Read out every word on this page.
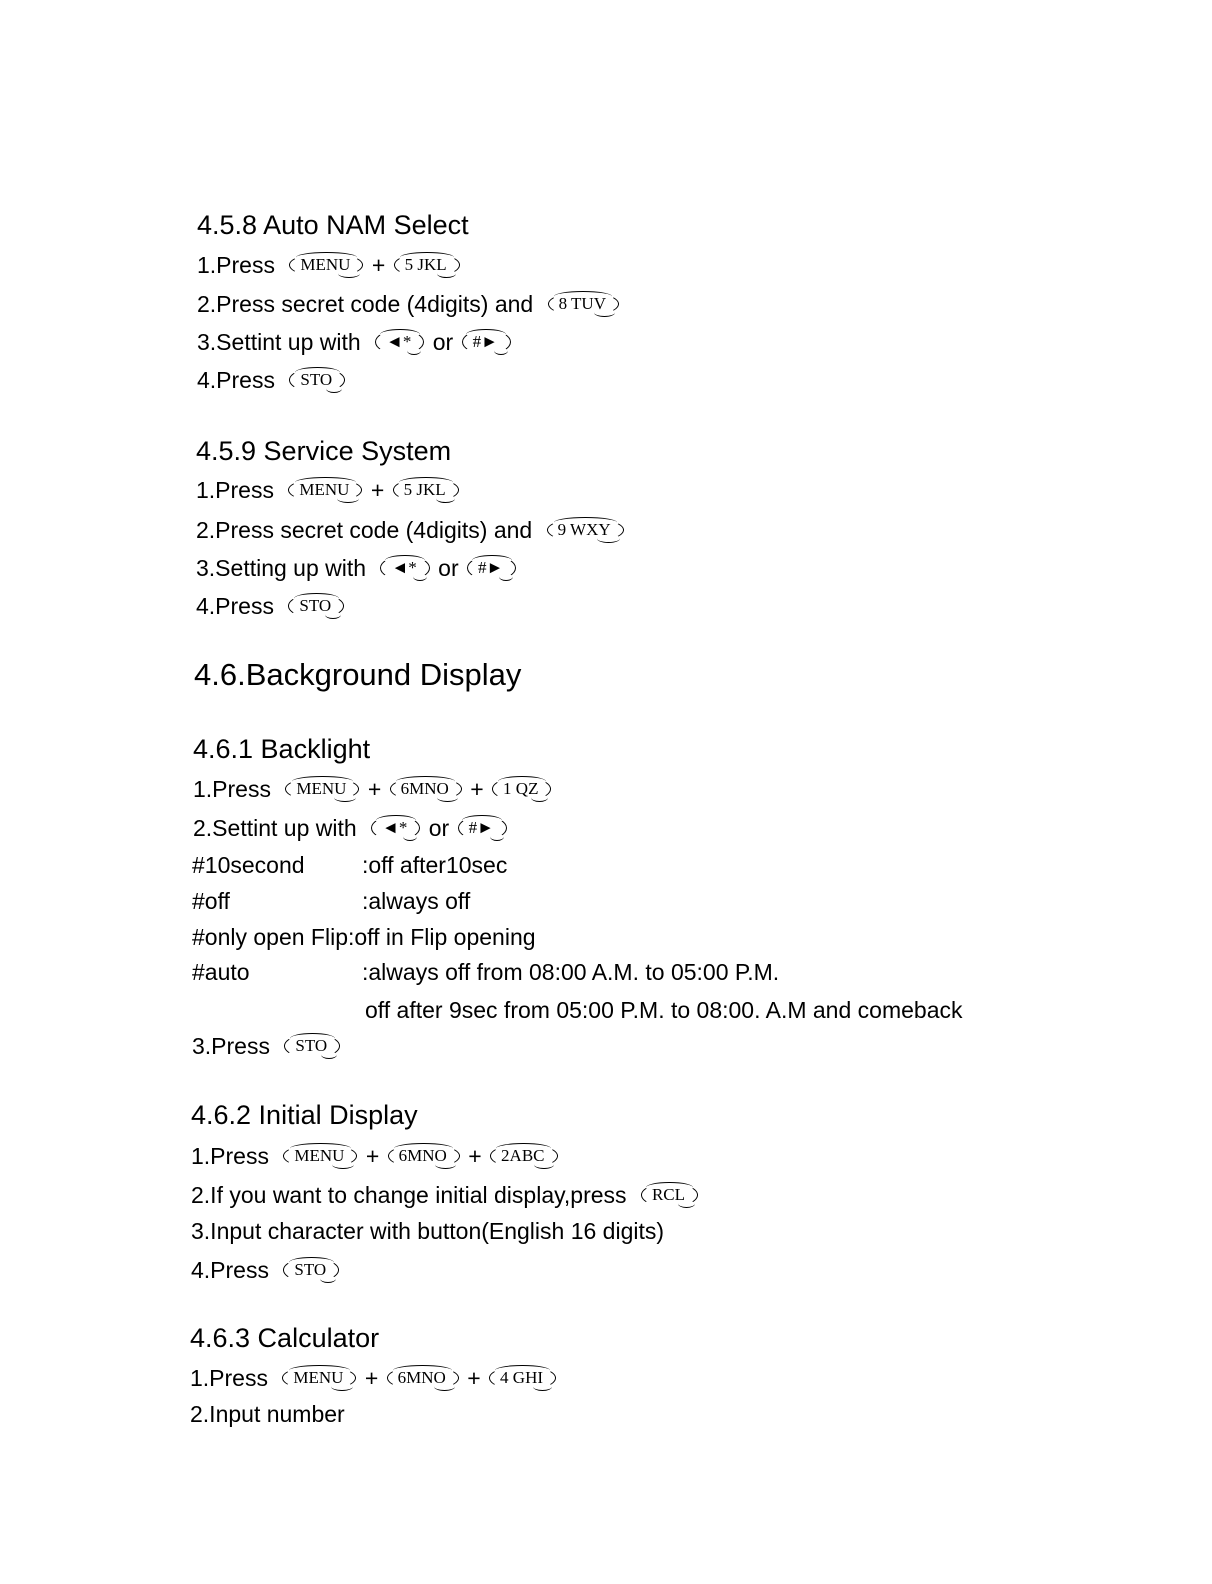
4.5.8 Auto NAM Select
1.Press MENU + 5 JKL
2.Press secret code (4digits) and 8 TUV
3.Settint up with ◄* or #►
4.Press STO
4.5.9 Service System
1.Press MENU + 5 JKL
2.Press secret code (4digits) and 9 WXY
3.Setting up with ◄* or #►
4.Press STO
4.6.Background Display
4.6.1 Backlight
1.Press MENU + 6MNO + 1 QZ
2.Settint up with ◄* or #►
#10second :off after10sec
#off	:always off
#only open Flip:off in Flip opening
#auto	:always off from 08:00 A.M. to 05:00 P.M.
off after 9sec from 05:00 P.M. to 08:00. A.M and comeback
3.Press STO
4.6.2 Initial Display
1.Press MENU + 6MNO + 2ABC
2.If you want to change initial display,press RCL
3.Input character with button(English 16 digits)
4.Press STO
4.6.3 Calculator
1.Press MENU + 6MNO + 4 GHI
2.Input number
